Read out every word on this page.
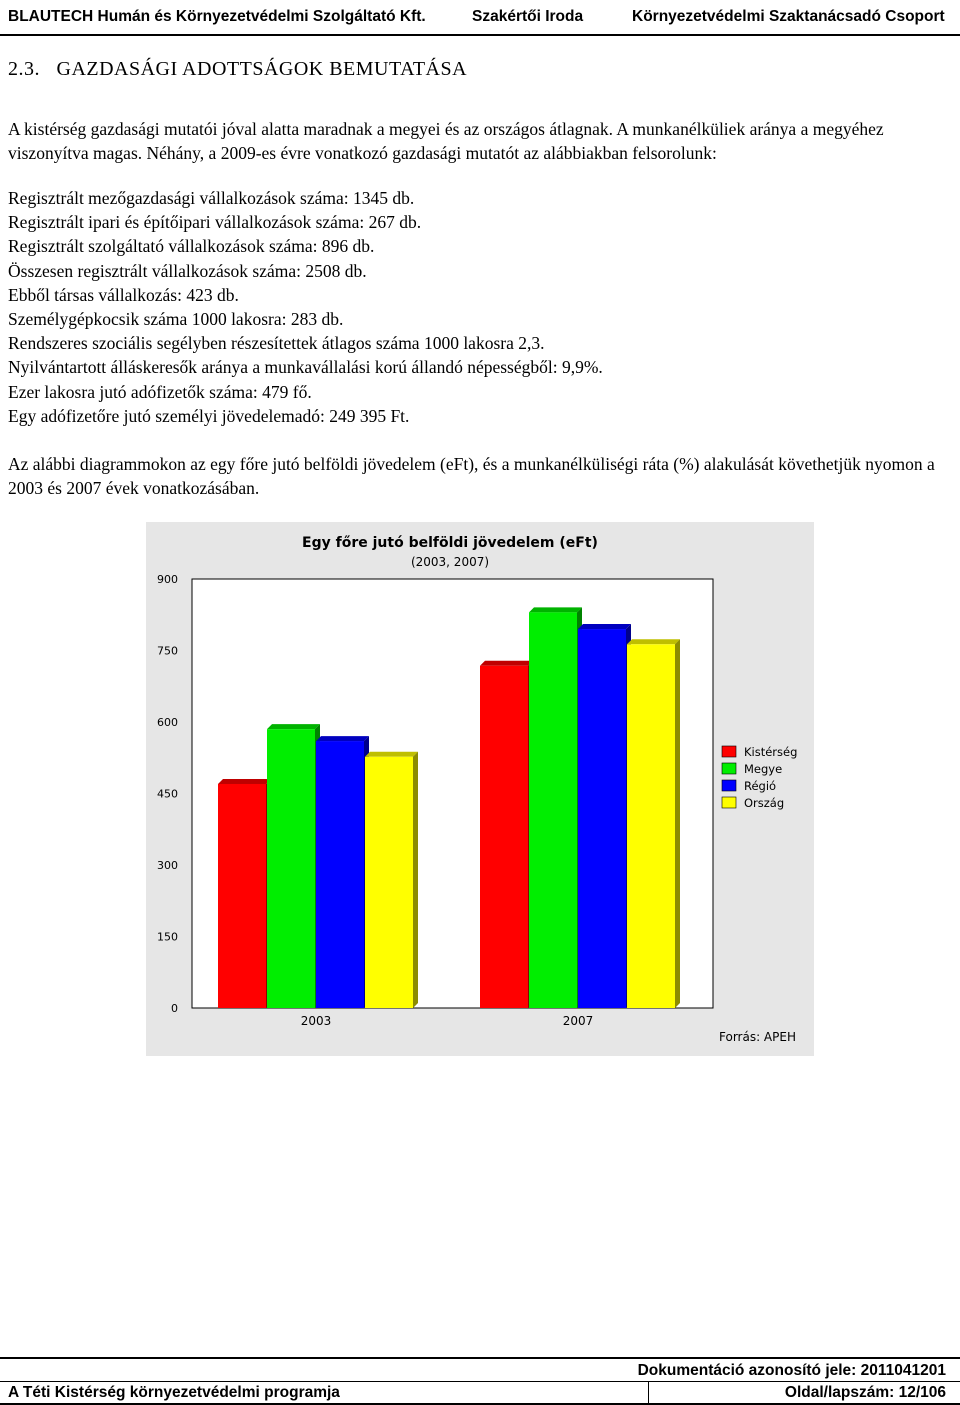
BLAUTECH Humán és Környezetvédelmi Szolgáltató Kft.	Szakértői Iroda	Környezetvédelmi Szaktanácsadó Csoport
2.3. GAZDASÁGI ADOTTSÁGOK BEMUTATÁSA
A kistérség gazdasági mutatói jóval alatta maradnak a megyei és az országos átlagnak. A munkanélküliek aránya a megyéhez viszonyítva magas. Néhány, a 2009-es évre vonatkozó gazdasági mutatót az alábbiakban felsorolunk:
Regisztrált mezőgazdasági vállalkozások száma: 1345 db.
Regisztrált ipari és építőipari vállalkozások száma: 267 db.
Regisztrált szolgáltató vállalkozások száma: 896 db.
Összesen regisztrált vállalkozások száma: 2508 db.
Ebből társas vállalkozás: 423 db.
Személygépkocsik száma 1000 lakosra: 283 db.
Rendszeres szociális segélyben részesítettek átlagos száma 1000 lakosra 2,3.
Nyilvántartott álláskeresők aránya a munkavállalási korú állandó népességből: 9,9%.
Ezer lakosra jutó adófizetők száma: 479 fő.
Egy adófizetőre jutó személyi jövedelemadó: 249 395 Ft.
Az alábbi diagrammokon az egy főre jutó belföldi jövedelem (eFt), és a munkanélküliségi ráta (%) alakulását követhetjük nyomon a 2003 és 2007 évek vonatkozásában.
Egy főre jutó belföldi jövedelem (eFt)
(2003, 2007)
900
750
600
450
300
150
0
2003	2007
Kistérség
Megye
Régió
Ország
Forrás: APEH
Dokumentáció azonosító jele: 2011041201
A Téti Kistérség környezetvédelmi programja	Oldal/lapszám: 12/106
